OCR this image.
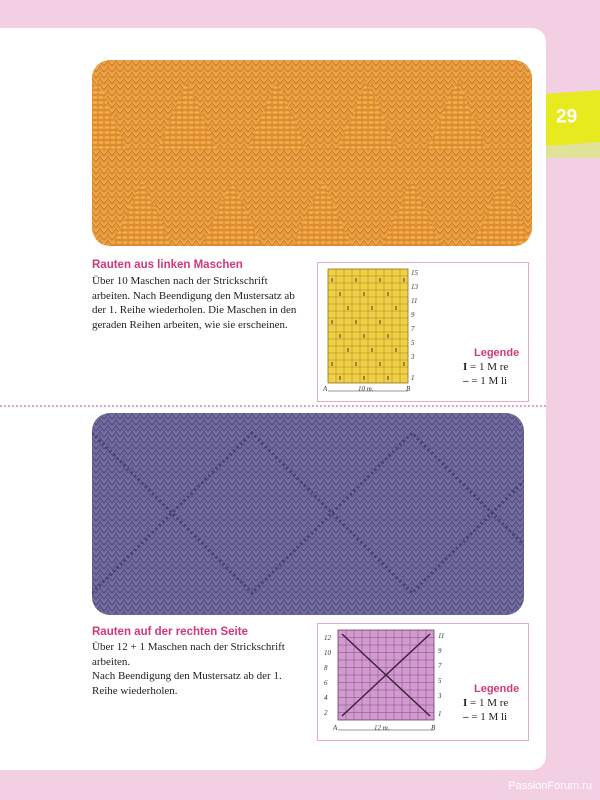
29
Rauten aus linken Maschen
Über 10 Maschen nach der Strickschrift arbeiten. Nach Beendigung den Mustersatz ab der 1. Reihe wiederholen. Die Maschen in den geraden Reihen arbeiten, wie sie erscheinen.
15
13
11
9
7
5
3
1
A	10 m.	B
Legende
I = 1 M re
– = 1 M li
Rauten auf der rechten Seite
Über 12 + 1 Maschen nach der Strickschrift arbeiten.
Nach Beendigung den Mustersatz ab der 1. Reihe wiederholen.
12
10
8
6
4
2
11
9
7
5
3
1
A	12 m.	B
Legende
I = 1 M re
– = 1 M li
PassionForum.ru
